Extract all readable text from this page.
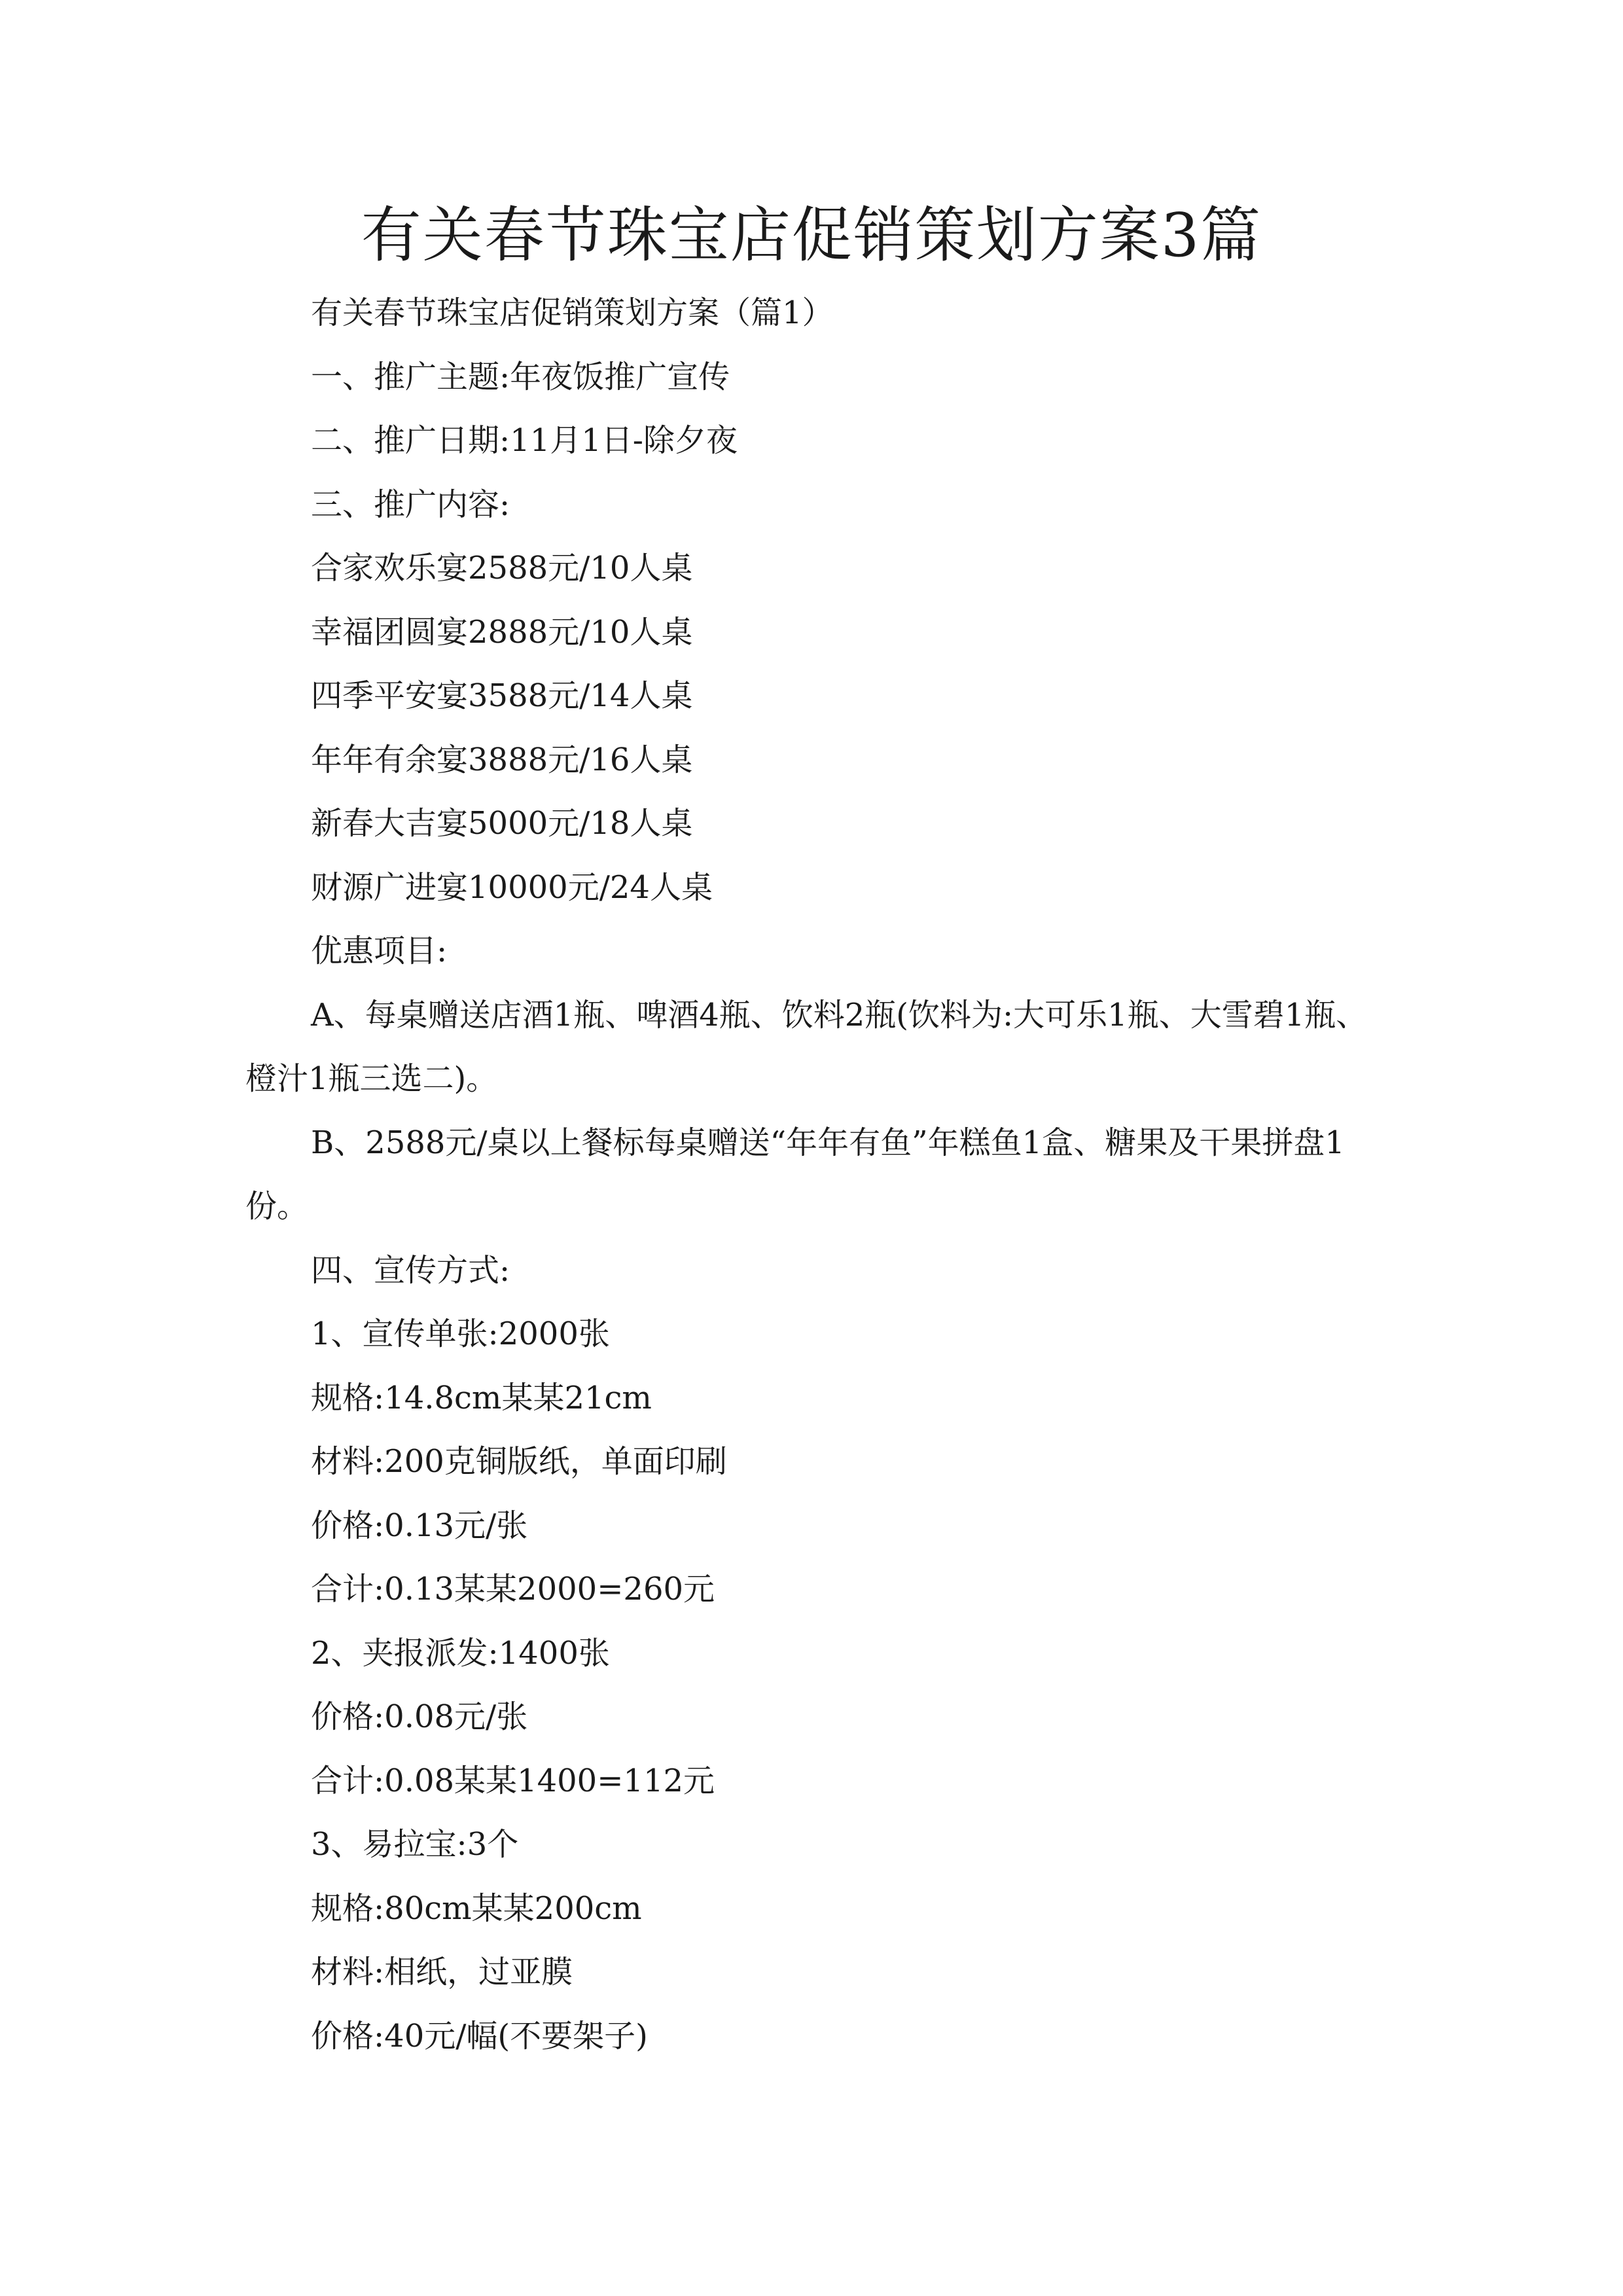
有关春节珠宝店促销策划方案3篇

有关春节珠宝店促销策划方案（篇1）

一、推广主题:年夜饭推广宣传

二、推广日期:11月1日-除夕夜

三、推广内容:

合家欢乐宴2588元/10人桌

幸福团圆宴2888元/10人桌

四季平安宴3588元/14人桌

年年有余宴3888元/16人桌

新春大吉宴5000元/18人桌

财源广进宴10000元/24人桌

优惠项目:

A、每桌赠送店酒1瓶、啤酒4瓶、饮料2瓶(饮料为:大可乐1瓶、大雪碧1瓶、橙汁1瓶三选二)。

B、2588元/桌以上餐标每桌赠送“年年有鱼”年糕鱼1盒、糖果及干果拼盘1份。

四、宣传方式:

1、宣传单张:2000张

规格:14.8cm某某21cm

材料:200克铜版纸，单面印刷

价格:0.13元/张

合计:0.13某某2000=260元

2、夹报派发:1400张

价格:0.08元/张

合计:0.08某某1400=112元

3、易拉宝:3个

规格:80cm某某200cm

材料:相纸，过亚膜

价格:40元/幅(不要架子)
